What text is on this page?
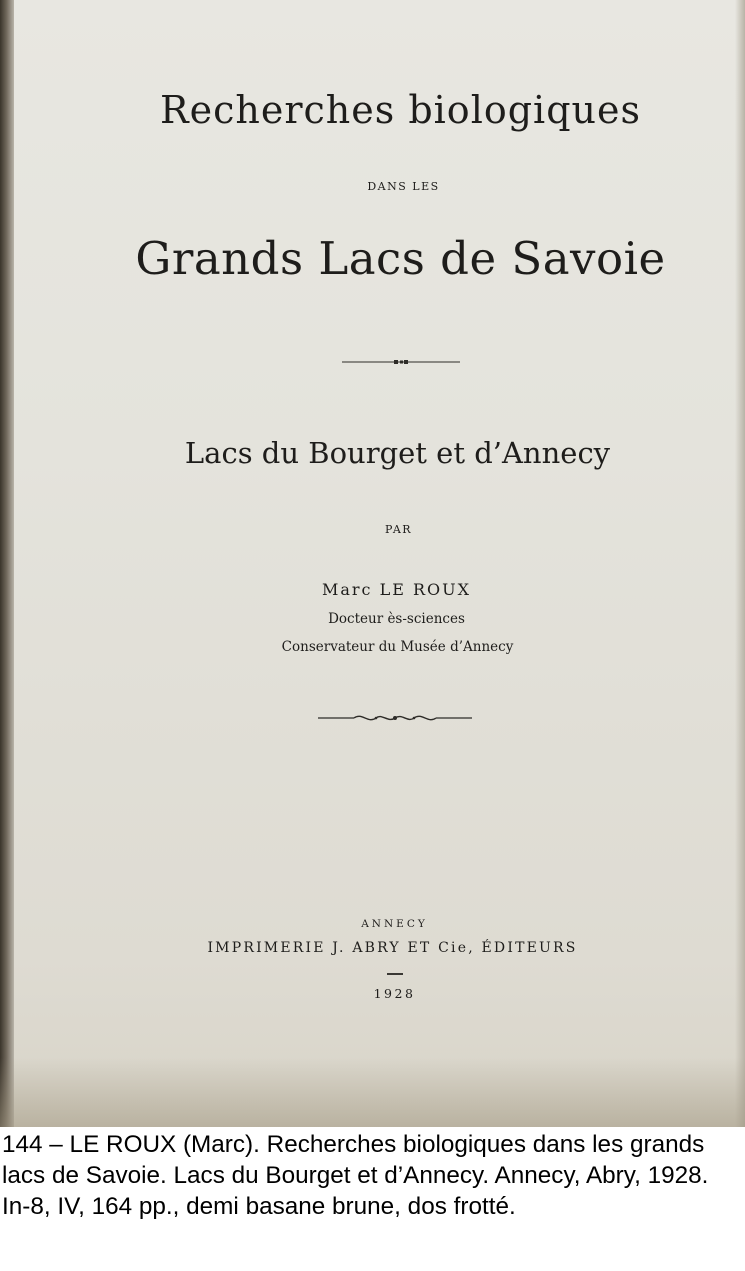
Recherches biologiques
DANS LES
Grands Lacs de Savoie
Lacs du Bourget et d’Annecy
PAR
Marc LE ROUX
Docteur ès-sciences
Conservateur du Musée d’Annecy
ANNECY
IMPRIMERIE J. ABRY ET Cie, ÉDITEURS
1928

144 – LE ROUX (Marc). Recherches biologiques dans les grands lacs de Savoie. Lacs du Bourget et d’Annecy. Annecy, Abry, 1928. In-8, IV, 164 pp., demi basane brune, dos frotté.
